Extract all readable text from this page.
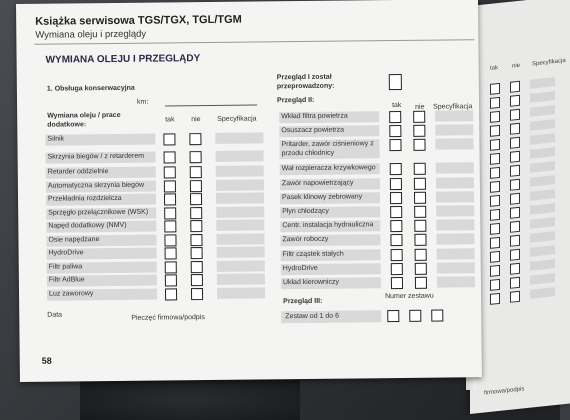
tak nie Specyfikacja
firmowa/podpis
Książka serwisowa TGS/TGX, TGL/TGM
Wymiana oleju i przeglądy
WYMIANA OLEJU I PRZEGLĄDY
1. Obsługa konserwacyjna
km:
Wymiana oleju / prace dodatkowe:
tak nie Specyfikacja
Silnik
Skrzynia biegów / z retarderem
Retarder oddzielnie
Automatyczna skrzynia biegów
Przekładnia rozdzielcza
Sprzęgło przełącznikowe (WSK)
Napęd dodatkowy (NMV)
Osie napędzane
HydroDrive
Filtr paliwa
Filtr AdBlue
Luz zaworowy
Data	Pieczęć firmowa/podpis
Przegląd I został przeprowadzony:
Przegląd II:
tak nie Specyfikacja
Wkład filtra powietrza
Osuszacz powietrza
Pritarder, zawór ciśnieniowy z przodu chłodnicy
Wał rozpieracza krzywkowego
Zawór napowietrzający
Pasek klinowy żebrowany
Płyn chłodzący
Centr. instalacja hydrauliczna
Zawór roboczy
Filtr cząstek stałych
HydroDrive
Układ kierowniczy
Przegląd III:
Numer zestawu
Zestaw od 1 do 6
58
